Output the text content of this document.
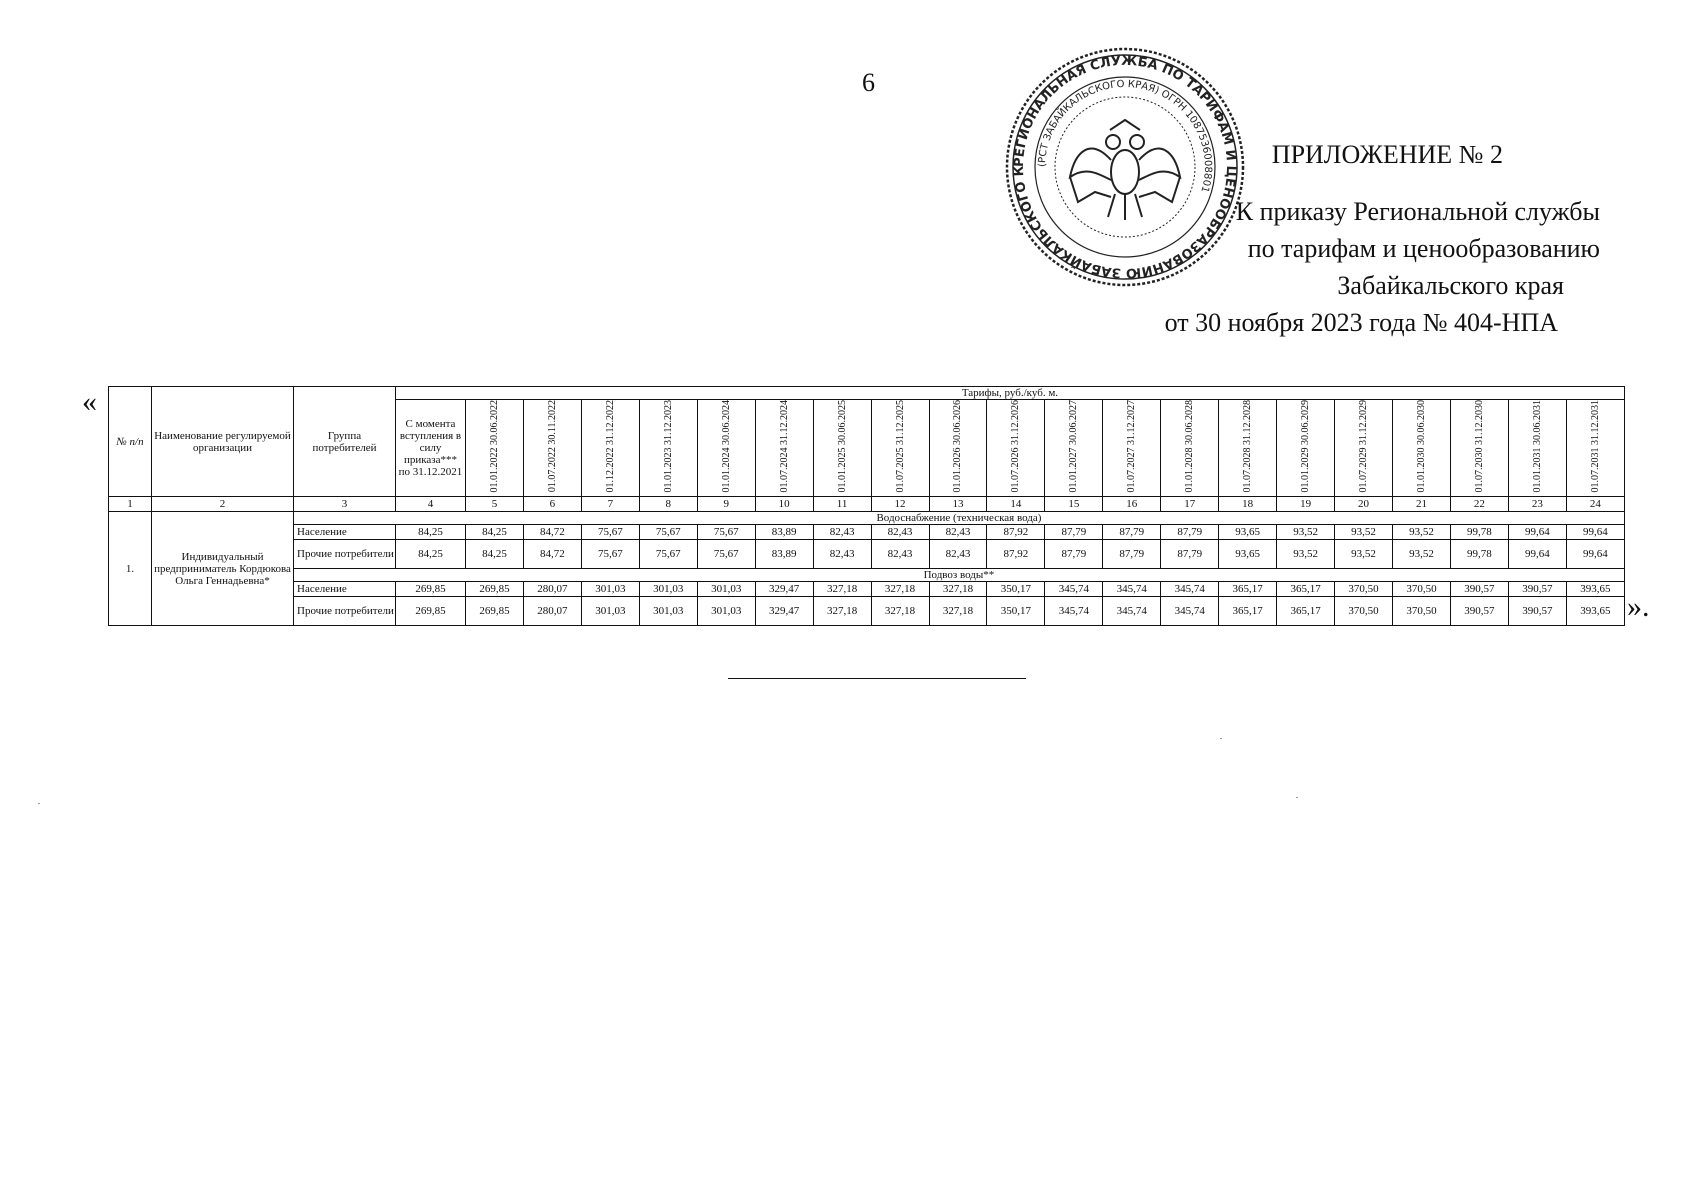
6
РЕГИОНАЛЬНАЯ СЛУЖБА ПО ТАРИФАМ И ЦЕНООБРАЗОВАНИЮ ЗАБАЙКАЛЬСКОГО К
(РСТ ЗАБАЙКАЛЬСКОГО КРАЯ) ОГРН 1087536008801
ПРИЛОЖЕНИЕ № 2
К приказу Региональной службы
по тарифам и ценообразованию
Забайкальского края
от 30 ноября 2023 года № 404-НПА
«
№ п/п	Наименование регулируемой организации	Группа потребителей	Тарифы, руб./куб. м.																				
			С момента вступления в силу приказа*** по 31.12.2021	01.01.2022 30.06.2022	01.07.2022 30.11.2022	01.12.2022 31.12.2022	01.01.2023 31.12.2023	01.01.2024 30.06.2024	01.07.2024 31.12.2024	01.01.2025 30.06.2025	01.07.2025 31.12.2025	01.01.2026 30.06.2026	01.07.2026 31.12.2026	01.01.2027 30.06.2027	01.07.2027 31.12.2027	01.01.2028 30.06.2028	01.07.2028 31.12.2028	01.01.2029 30.06.2029	01.07.2029 31.12.2029	01.01.2030 30.06.2030	01.07.2030 31.12.2030	01.01.2031 30.06.2031	01.07.2031 31.12.2031
1	2	3	4	5	6	7	8	9	10	11	12	13	14	15	16	17	18	19	20	21	22	23	24
1.	Индивидуальный предприниматель Кордюкова Ольга Геннадьевна*	Водоснабжение (техническая вода)																					
		Население	84,25	84,25	84,72	75,67	75,67	75,67	83,89	82,43	82,43	82,43	87,92	87,79	87,79	87,79	93,65	93,52	93,52	93,52	99,78	99,64	99,64
		Прочие потребители	84,25	84,25	84,72	75,67	75,67	75,67	83,89	82,43	82,43	82,43	87,92	87,79	87,79	87,79	93,65	93,52	93,52	93,52	99,78	99,64	99,64
		Подвоз воды**																					
		Население	269,85	269,85	280,07	301,03	301,03	301,03	329,47	327,18	327,18	327,18	350,17	345,74	345,74	345,74	365,17	365,17	370,50	370,50	390,57	390,57	393,65
		Прочие потребители	269,85	269,85	280,07	301,03	301,03	301,03	329,47	327,18	327,18	327,18	350,17	345,74	345,74	345,74	365,17	365,17	370,50	370,50	390,57	390,57	393,65 ».
